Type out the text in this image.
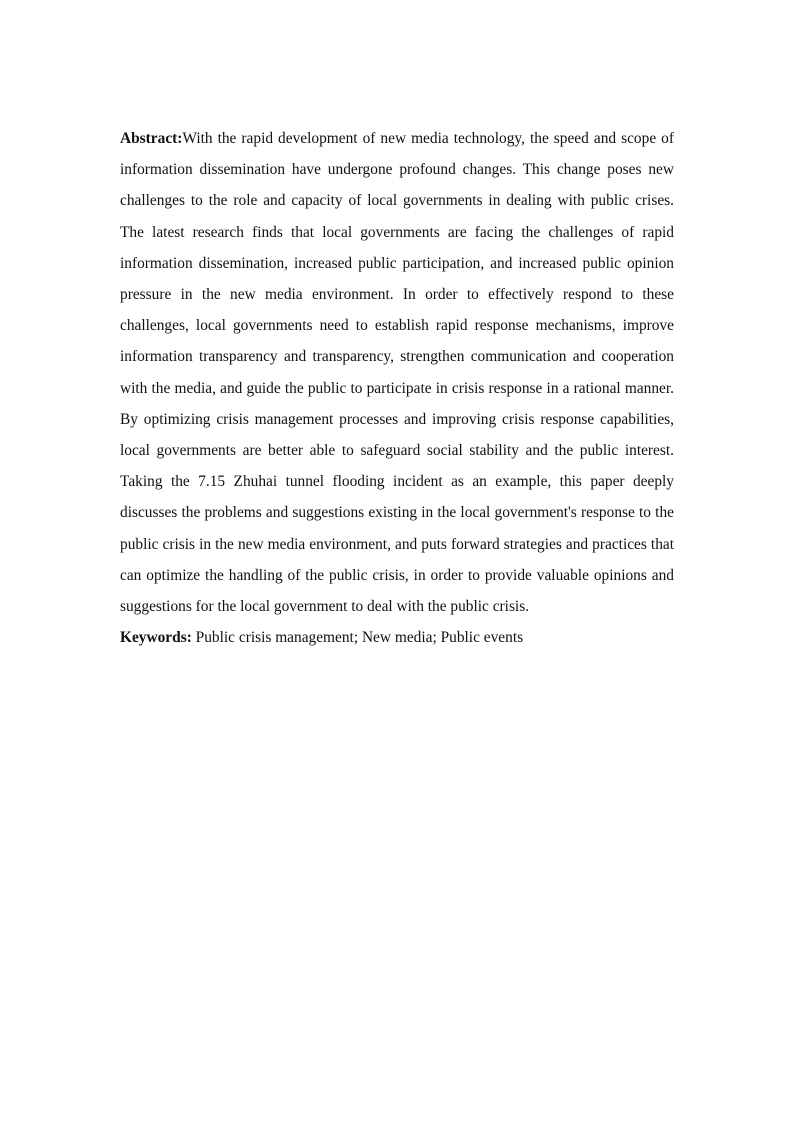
Abstract:With the rapid development of new media technology, the speed and scope of information dissemination have undergone profound changes. This change poses new challenges to the role and capacity of local governments in dealing with public crises. The latest research finds that local governments are facing the challenges of rapid information dissemination, increased public participation, and increased public opinion pressure in the new media environment. In order to effectively respond to these challenges, local governments need to establish rapid response mechanisms, improve information transparency and transparency, strengthen communication and cooperation with the media, and guide the public to participate in crisis response in a rational manner. By optimizing crisis management processes and improving crisis response capabilities, local governments are better able to safeguard social stability and the public interest. Taking the 7.15 Zhuhai tunnel flooding incident as an example, this paper deeply discusses the problems and suggestions existing in the local government's response to the public crisis in the new media environment, and puts forward strategies and practices that can optimize the handling of the public crisis, in order to provide valuable opinions and suggestions for the local government to deal with the public crisis.

Keywords: Public crisis management; New media; Public events
